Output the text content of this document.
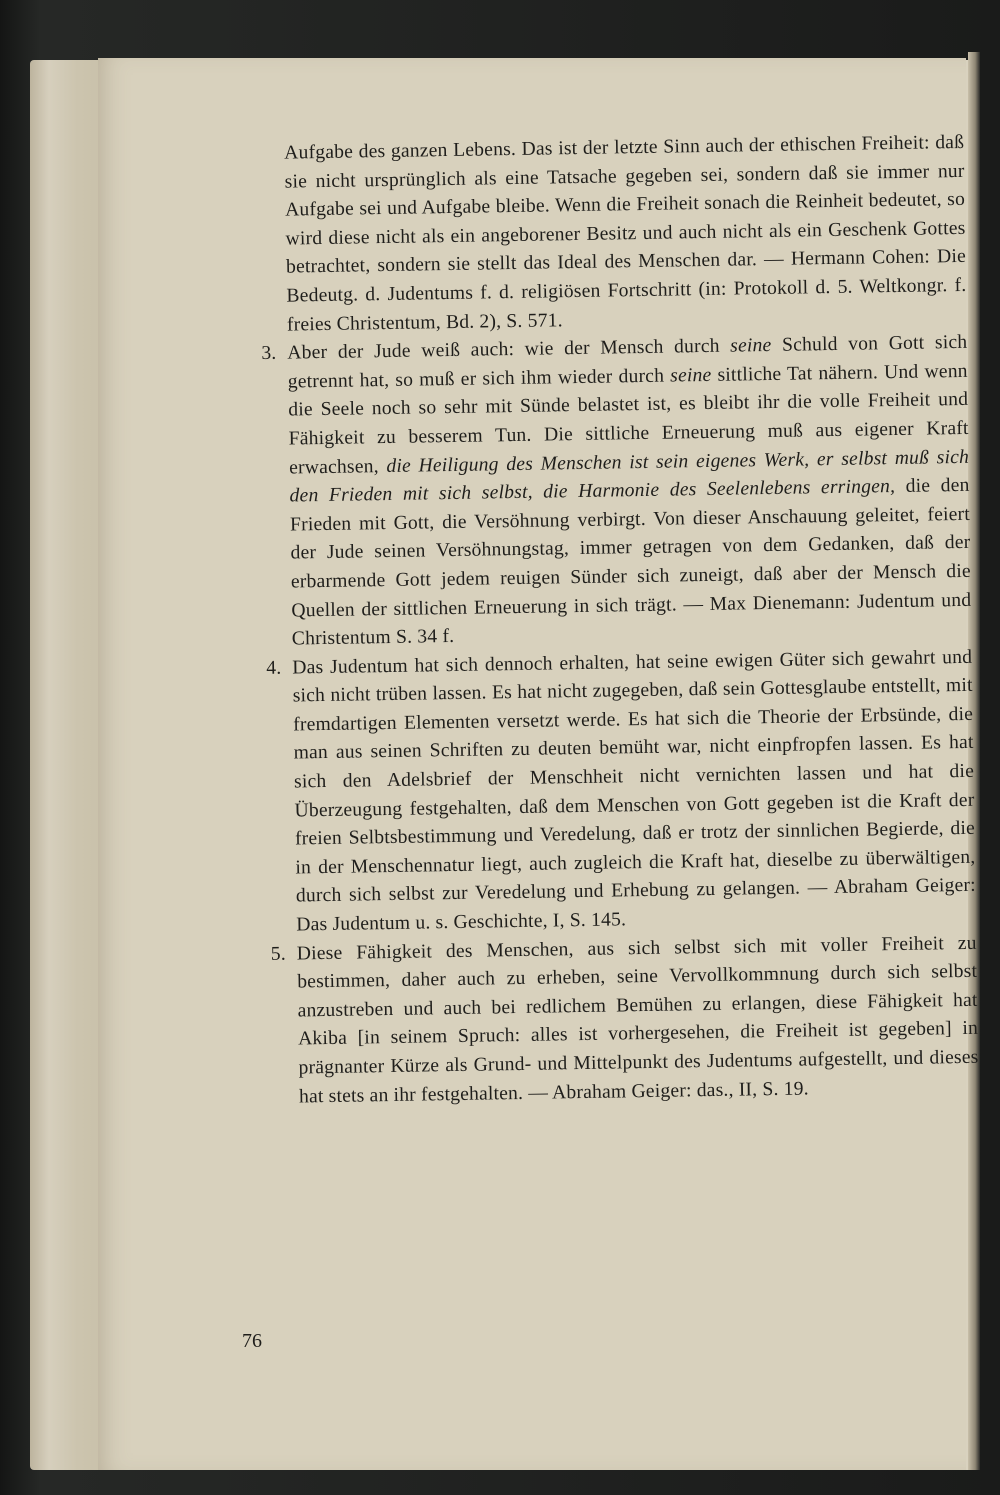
Aufgabe des ganzen Lebens. Das ist der letzte Sinn auch der ethischen Freiheit: daß sie nicht ursprünglich als eine Tatsache gegeben sei, sondern daß sie immer nur Aufgabe sei und Aufgabe bleibe. Wenn die Freiheit sonach die Reinheit bedeutet, so wird diese nicht als ein angeborener Besitz und auch nicht als ein Geschenk Gottes betrachtet, sondern sie stellt das Ideal des Menschen dar. — Hermann Cohen: Die Bedeutg. d. Judentums f. d. religiösen Fortschritt (in: Protokoll d. 5. Weltkongr. f. freies Christentum, Bd. 2), S. 571.

3. Aber der Jude weiß auch: wie der Mensch durch seine Schuld von Gott sich getrennt hat, so muß er sich ihm wieder durch seine sittliche Tat nähern. Und wenn die Seele noch so sehr mit Sünde belastet ist, es bleibt ihr die volle Freiheit und Fähigkeit zu besserem Tun. Die sittliche Erneuerung muß aus eigener Kraft erwachsen, die Heiligung des Menschen ist sein eigenes Werk, er selbst muß sich den Frieden mit sich selbst, die Harmonie des Seelenlebens erringen, die den Frieden mit Gott, die Versöhnung verbirgt. Von dieser Anschauung geleitet, feiert der Jude seinen Versöhnungstag, immer getragen von dem Gedanken, daß der erbarmende Gott jedem reuigen Sünder sich zuneigt, daß aber der Mensch die Quellen der sittlichen Erneuerung in sich trägt. — Max Dienemann: Judentum und Christentum S. 34 f.

4. Das Judentum hat sich dennoch erhalten, hat seine ewigen Güter sich gewahrt und sich nicht trüben lassen. Es hat nicht zugegeben, daß sein Gottesglaube entstellt, mit fremdartigen Elementen versetzt werde. Es hat sich die Theorie der Erbsünde, die man aus seinen Schriften zu deuten bemüht war, nicht einpfropfen lassen. Es hat sich den Adelsbrief der Menschheit nicht vernichten lassen und hat die Überzeugung festgehalten, daß dem Menschen von Gott gegeben ist die Kraft der freien Selbtsbestimmung und Veredelung, daß er trotz der sinnlichen Begierde, die in der Menschennatur liegt, auch zugleich die Kraft hat, dieselbe zu überwältigen, durch sich selbst zur Veredelung und Erhebung zu gelangen. — Abraham Geiger: Das Judentum u. s. Geschichte, I, S. 145.

5. Diese Fähigkeit des Menschen, aus sich selbst sich mit voller Freiheit zu bestimmen, daher auch zu erheben, seine Vervollkommnung durch sich selbst anzustreben und auch bei redlichem Bemühen zu erlangen, diese Fähigkeit hat Akiba [in seinem Spruch: alles ist vorhergesehen, die Freiheit ist gegeben] in prägnanter Kürze als Grund- und Mittelpunkt des Judentums aufgestellt, und dieses hat stets an ihr festgehalten. — Abraham Geiger: das., II, S. 19.

76
